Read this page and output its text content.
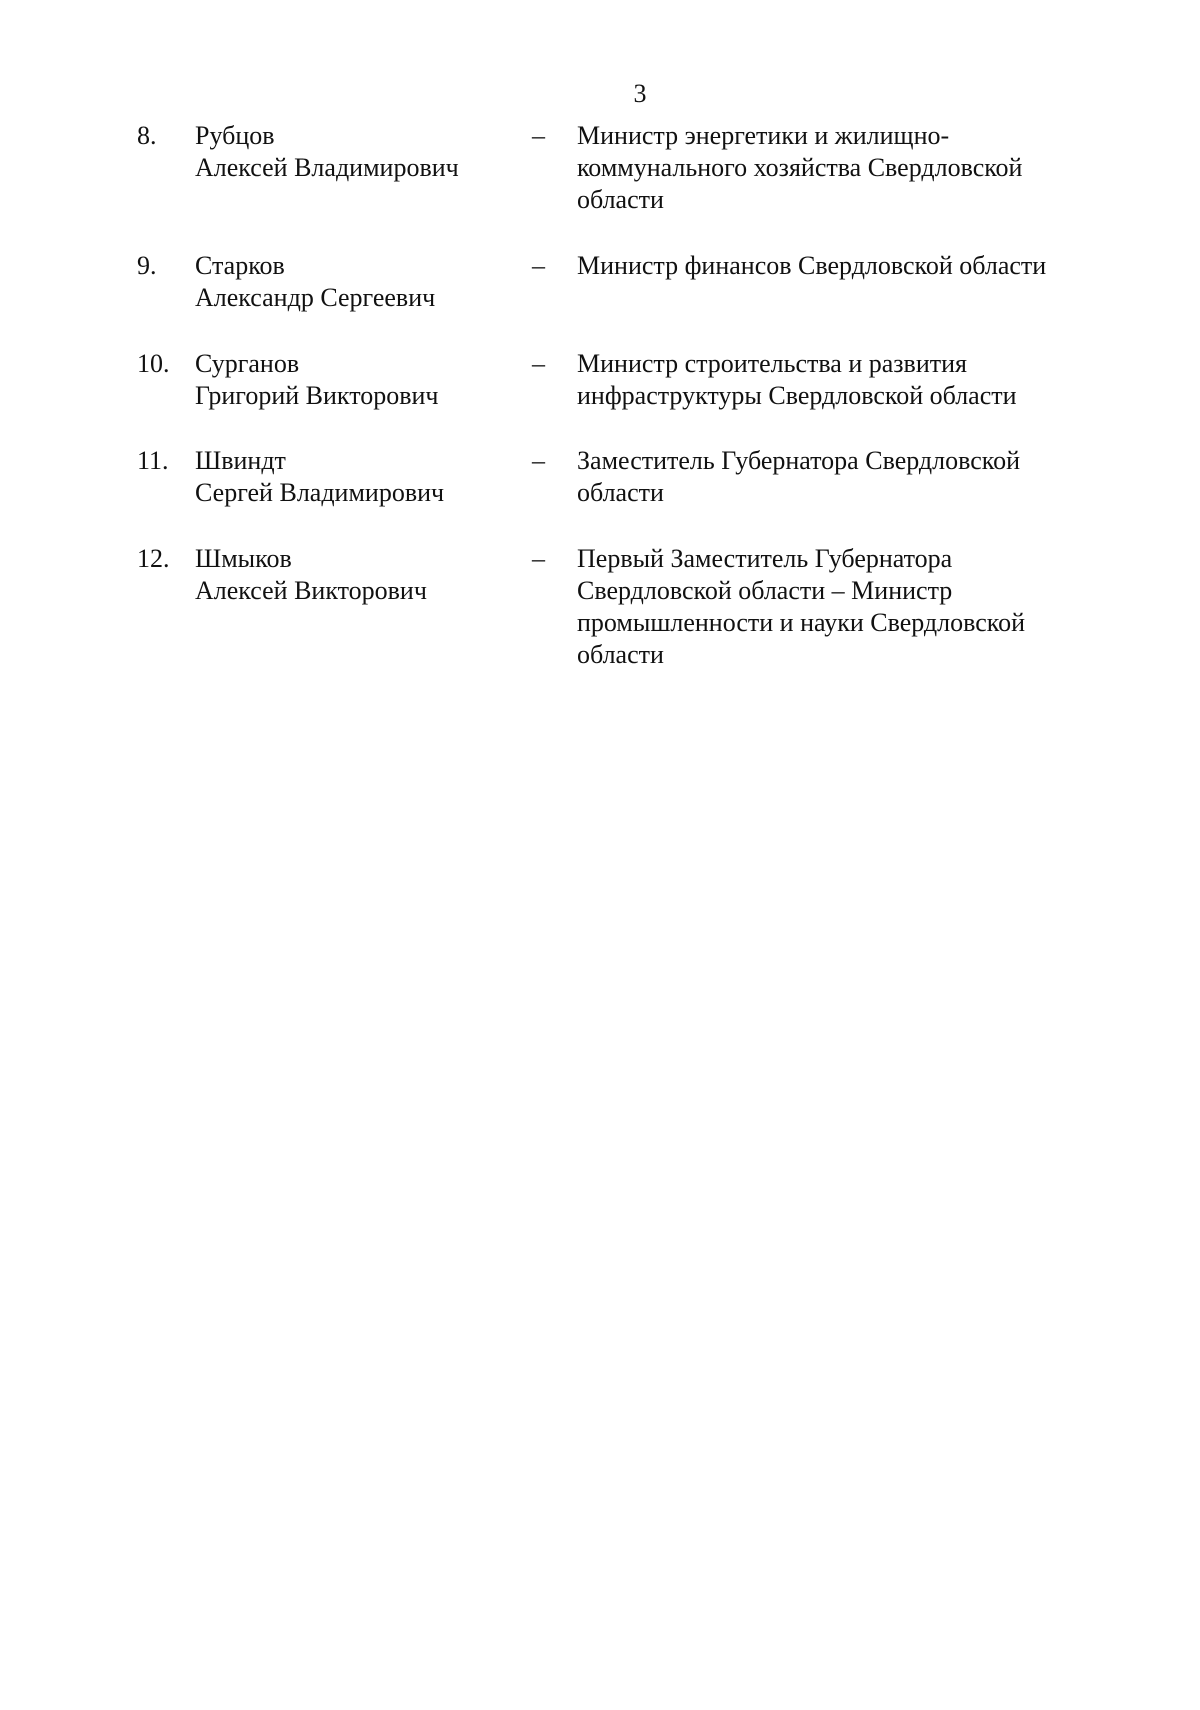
3
8. Рубцов
Алексей Владимирович
– Министр энергетики и жилищно-
коммунального хозяйства Свердловской
области
9. Старков
Александр Сергеевич
– Министр финансов Свердловской области
10. Сурганов
Григорий Викторович
– Министр строительства и развития
инфраструктуры Свердловской области
11. Швиндт
Сергей Владимирович
– Заместитель Губернатора Свердловской
области
12. Шмыков
Алексей Викторович
– Первый Заместитель Губернатора
Свердловской области – Министр
промышленности и науки Свердловской
области
